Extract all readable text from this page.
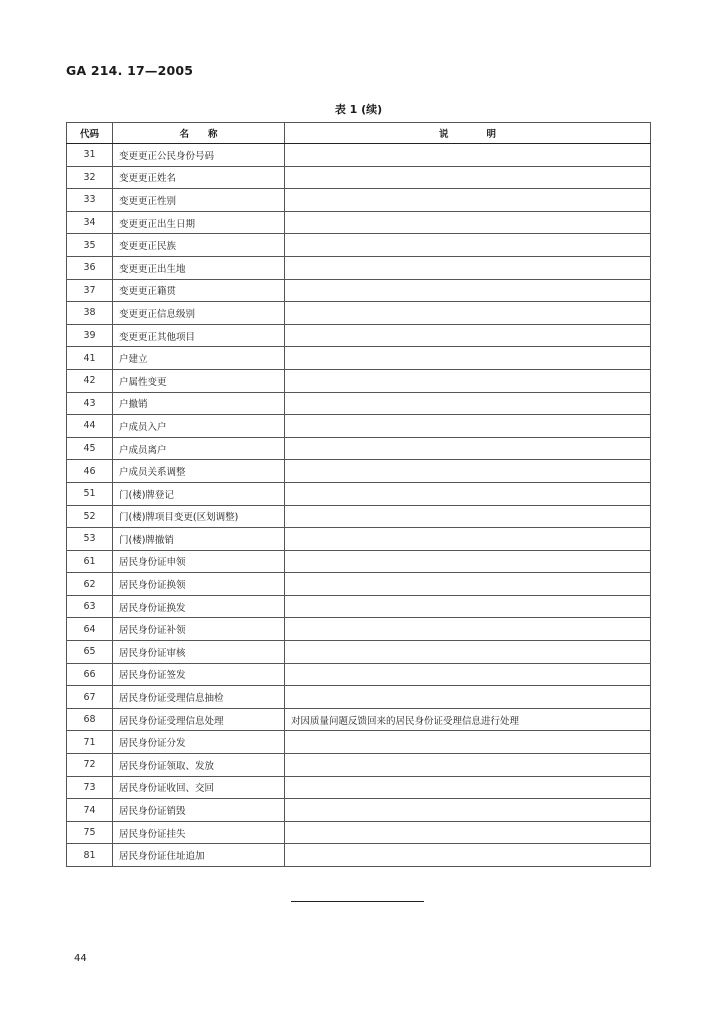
GA 214. 17—2005
表 1 (续)
代码	名　　称	说　　　　明
31	变更更正公民身份号码	
32	变更更正姓名	
33	变更更正性别	
34	变更更正出生日期	
35	变更更正民族	
36	变更更正出生地	
37	变更更正籍贯	
38	变更更正信息级别	
39	变更更正其他项目	
41	户建立	
42	户属性变更	
43	户撤销	
44	户成员入户	
45	户成员离户	
46	户成员关系调整	
51	门(楼)牌登记	
52	门(楼)牌项目变更(区划调整)	
53	门(楼)牌撤销	
61	居民身份证申领	
62	居民身份证换领	
63	居民身份证换发	
64	居民身份证补领	
65	居民身份证审核	
66	居民身份证签发	
67	居民身份证受理信息抽检	
68	居民身份证受理信息处理	对因质量问题反馈回来的居民身份证受理信息进行处理
71	居民身份证分发	
72	居民身份证领取、发放	
73	居民身份证收回、交回	
74	居民身份证销毁	
75	居民身份证挂失	
81	居民身份证住址追加	
44
